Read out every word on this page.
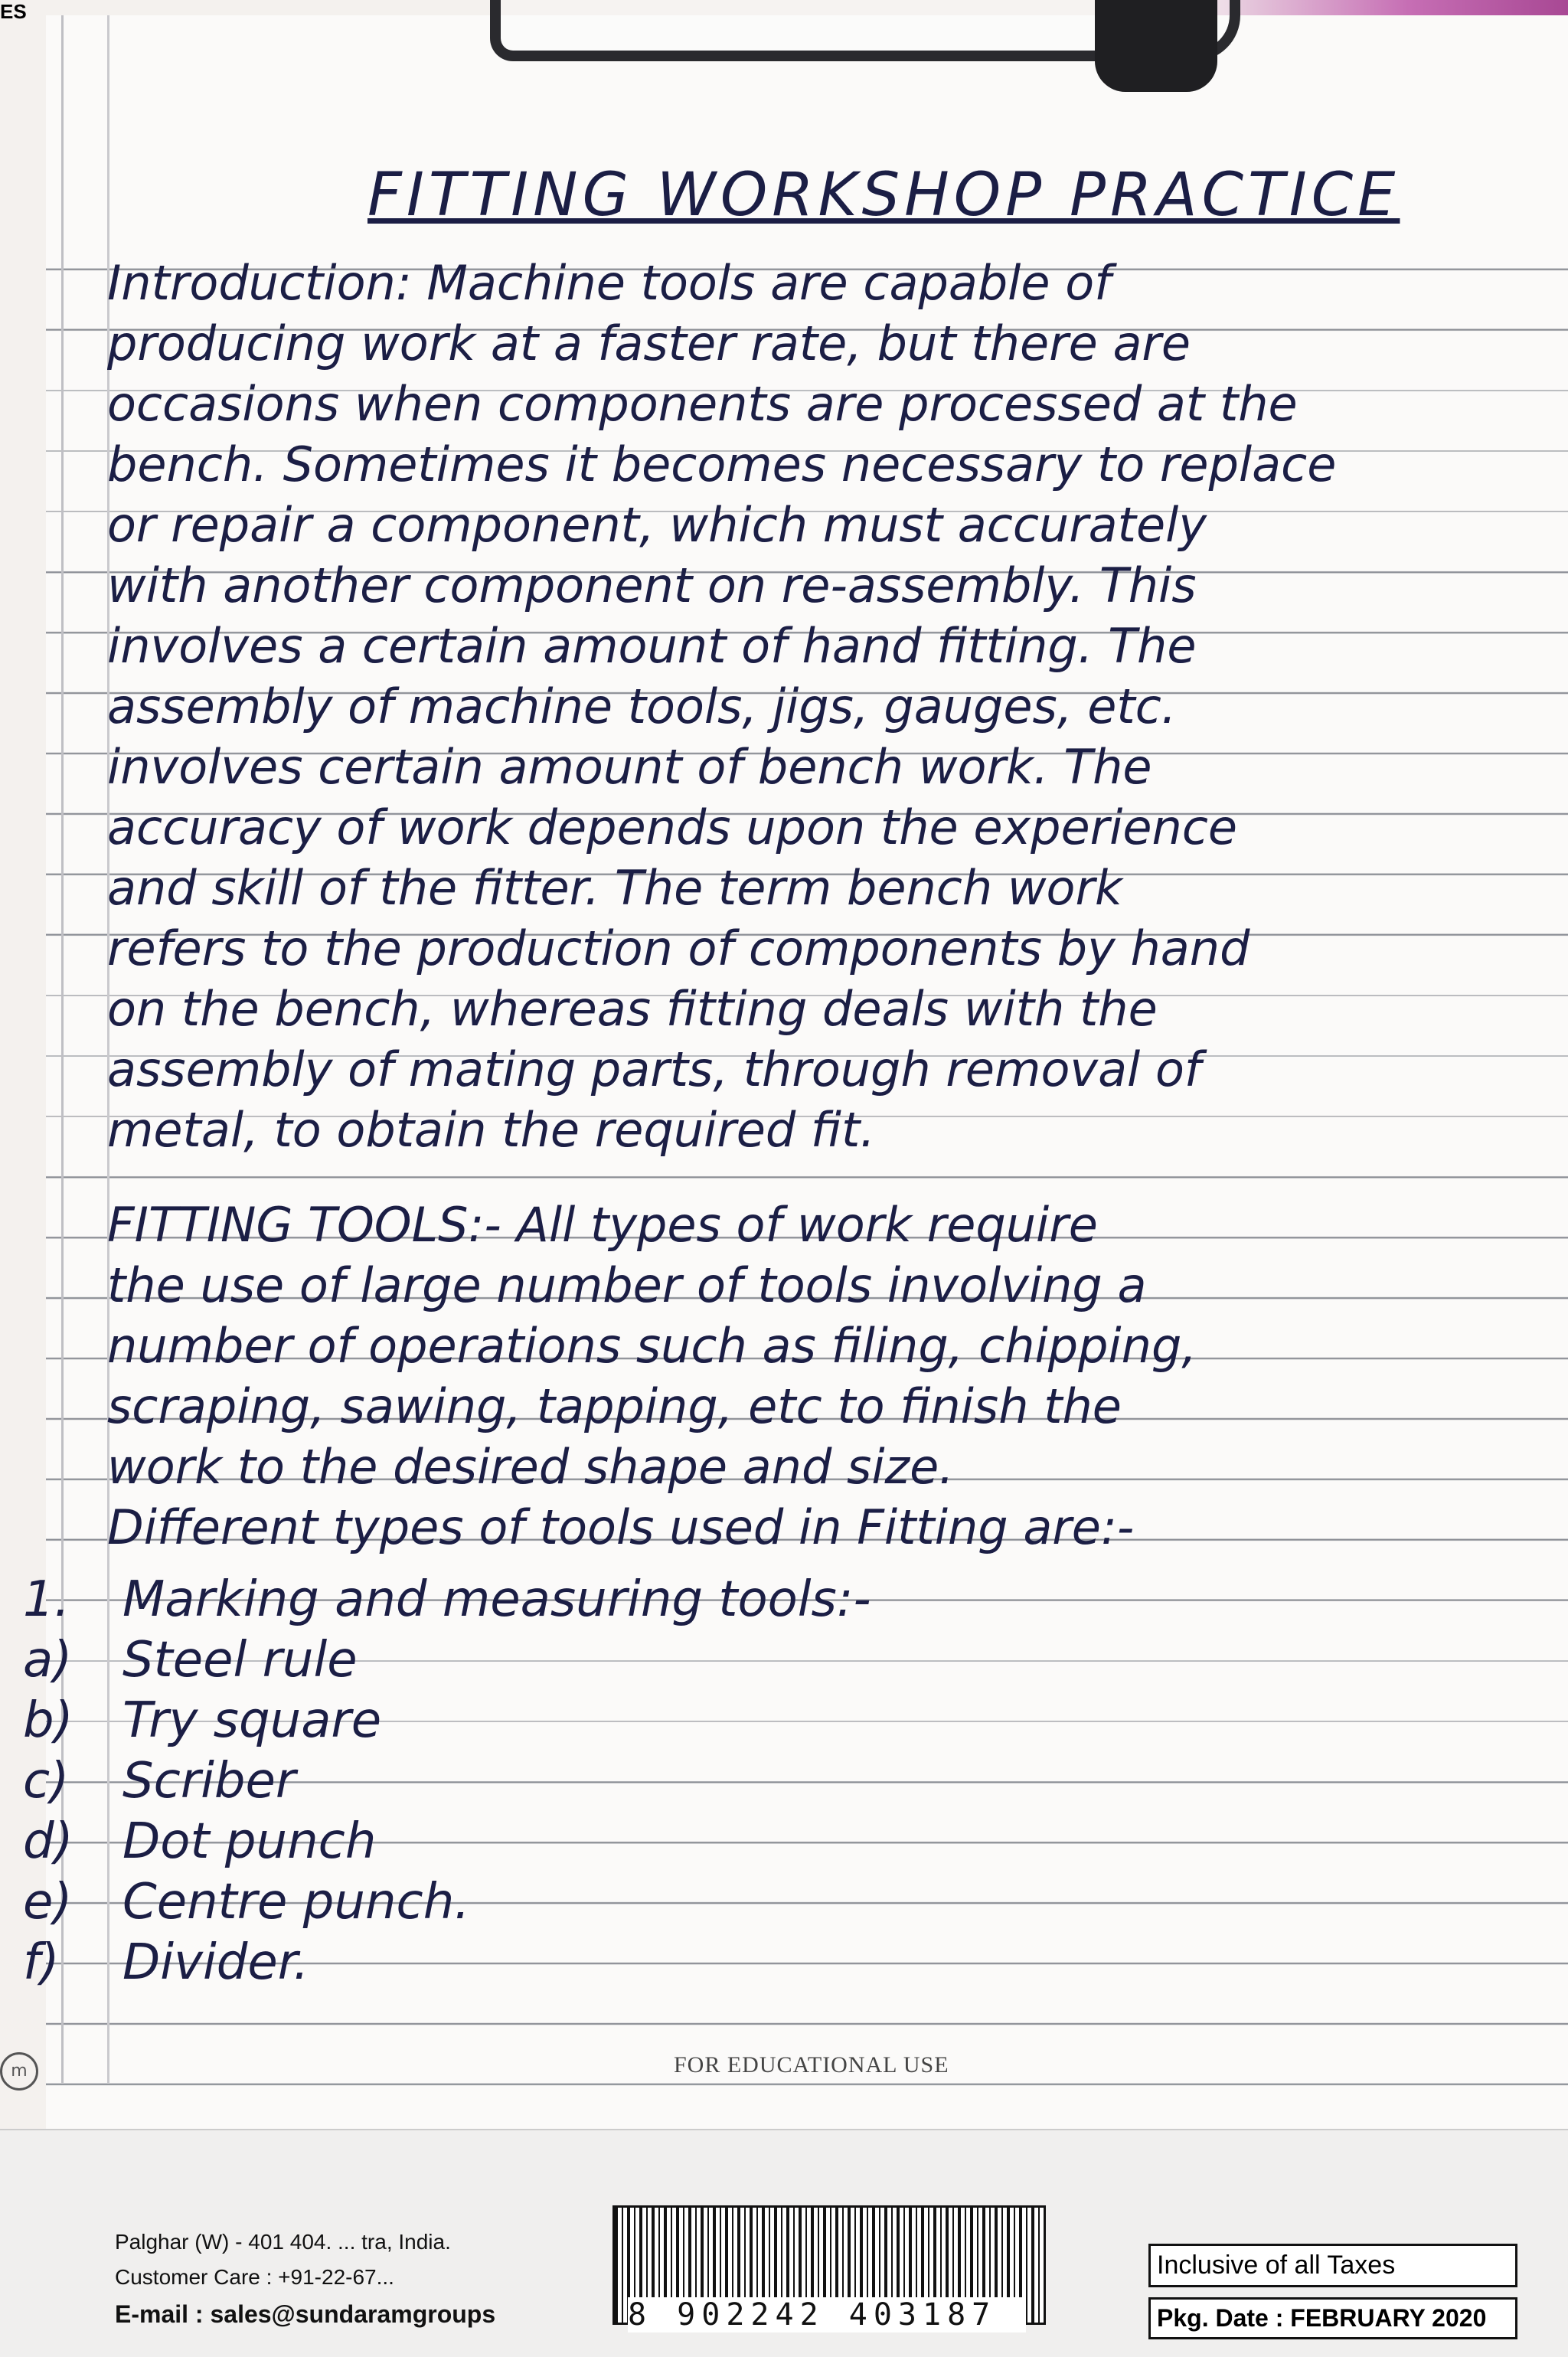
FITTING WORKSHOP PRACTICE
Introduction: Machine tools are capable of
producing work at a faster rate, but there are
occasions when components are processed at the
bench. Sometimes it becomes necessary to replace
or repair a component, which must accurately
with another component on re-assembly. This
involves a certain amount of hand fitting. The
assembly of machine tools, jigs, gauges, etc.
involves certain amount of bench work. The
accuracy of work depends upon the experience
and skill of the fitter. The term bench work
refers to the production of components by hand
on the bench, whereas fitting deals with the
assembly of mating parts, through removal of
metal, to obtain the required fit.
FITTING TOOLS:- All types of work require
the use of large number of tools involving a
number of operations such as filing, chipping,
scraping, sawing, tapping, etc to finish the
work to the desired shape and size.
Different types of tools used in Fitting are:-
1. Marking and measuring tools:-
a) Steel rule
b) Try square
c) Scriber
d) Dot punch
e) Centre punch.
f) Divider.
m	FOR EDUCATIONAL USE
Palghar (W) - 401 404. ... tra, India.
Customer Care : +91-22-67...
E-mail : sales@sundaramgroups
ES
8 902242 403187
Inclusive of all Taxes
Pkg. Date : FEBRUARY 2020
